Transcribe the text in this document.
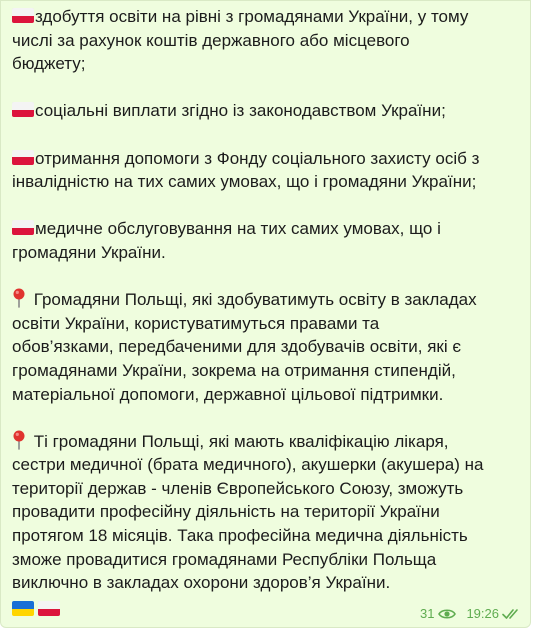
здобуття освіти на рівні з громадянами України, у тому
числі за рахунок коштів державного або місцевого
бюджету;
соціальні виплати згідно із законодавством України;
отримання допомоги з Фонду соціального захисту осіб з
інвалідністю на тих самих умовах, що і громадяни України;
медичне обслуговування на тих самих умовах, що і
громадяни України.
Громадяни Польщі, які здобуватимуть освіту в закладах
освіти України, користуватимуться правами та
обов’язками, передбаченими для здобувачів освіти, які є
громадянами України, зокрема на отримання стипендій,
матеріальної допомоги, державної цільової підтримки.
Ті громадяни Польщі, які мають кваліфікацію лікаря,
сестри медичної (брата медичного), акушерки (акушера) на
території держав - членів Європейського Союзу, зможуть
провадити професійну діяльність на території України
протягом 18 місяців. Така професійна медична діяльність
зможе провадитися громадянами Республіки Польща
виключно в закладах охорони здоров’я України.
31 19:26
